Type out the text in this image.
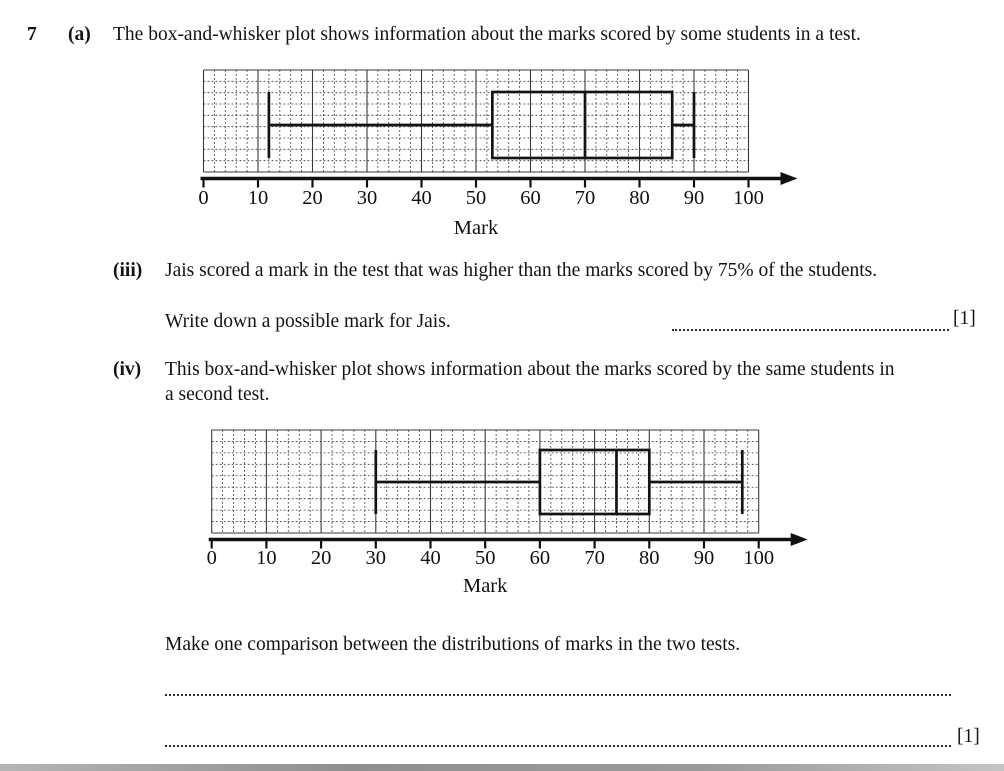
7 (a) The box-and-whisker plot shows information about the marks scored by some students in a test.
0 10 20 30 40 50 60 70 80 90 100
Mark
(iii) Jais scored a mark in the test that was higher than the marks scored by 75% of the students.
Write down a possible mark for Jais.	[1]
(iv) This box-and-whisker plot shows information about the marks scored by the same students in
a second test.
0 10 20 30 40 50 60 70 80 90 100
Mark
Make one comparison between the distributions of marks in the two tests.
[1]
